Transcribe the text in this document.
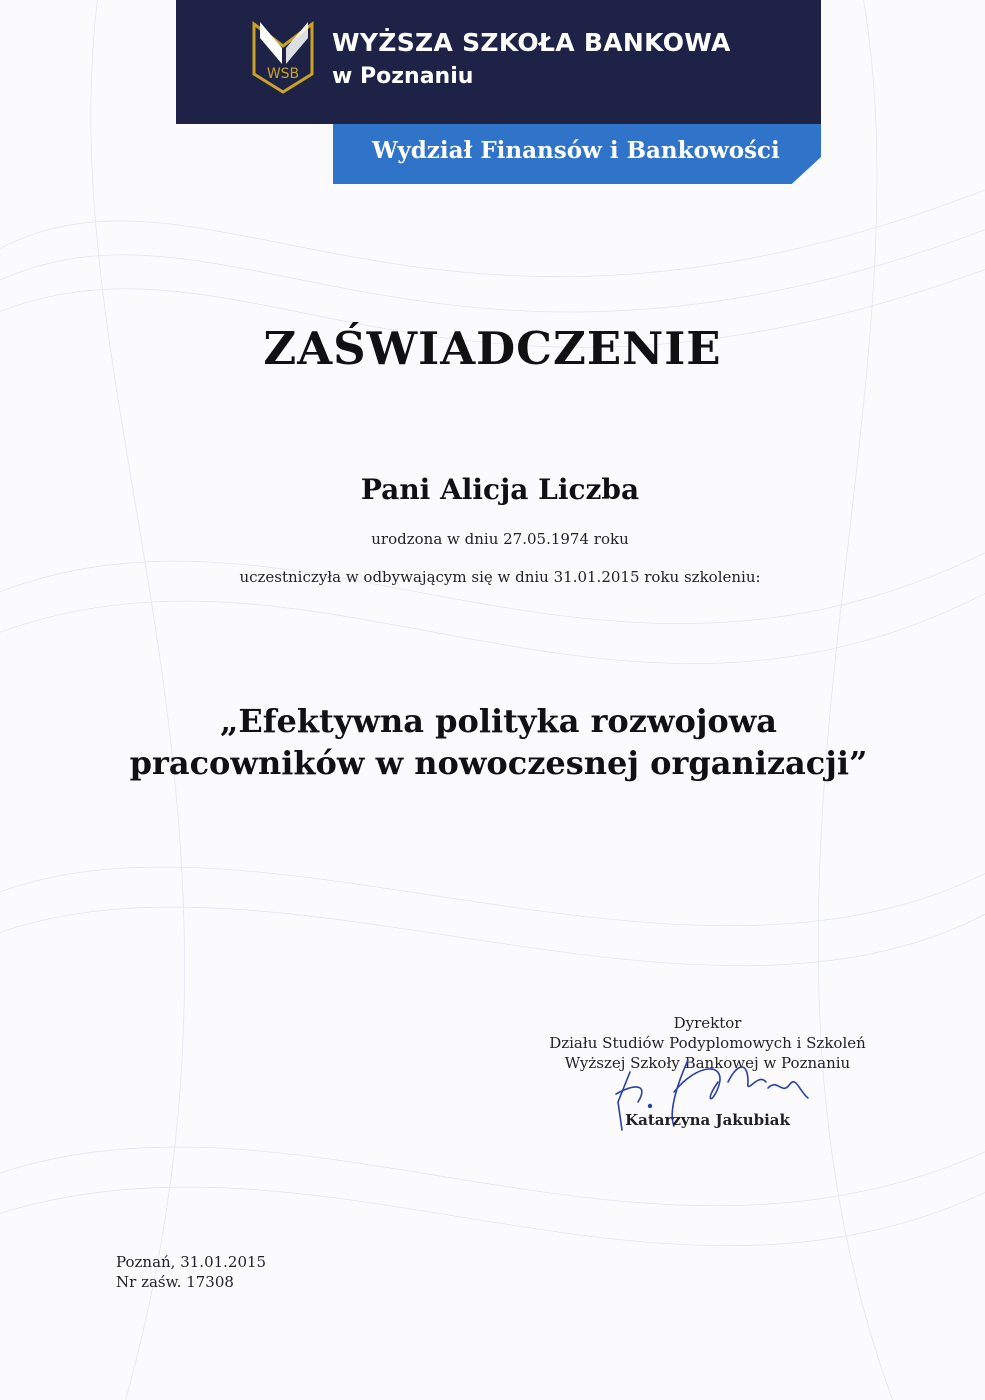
WSB
WYŻSZA SZKOŁA BANKOWA
w Poznaniu
Wydział Finansów i Bankowości
ZAŚWIADCZENIE
Pani Alicja Liczba
urodzona w dniu 27.05.1974 roku
uczestniczyła w odbywającym się w dniu 31.01.2015 roku szkoleniu:
„Efektywna polityka rozwojowa
pracowników w nowoczesnej organizacji”
Dyrektor
Działu Studiów Podyplomowych i Szkoleń
Wyższej Szkoły Bankowej w Poznaniu
Katarzyna Jakubiak
Poznań, 31.01.2015
Nr zaśw. 17308
